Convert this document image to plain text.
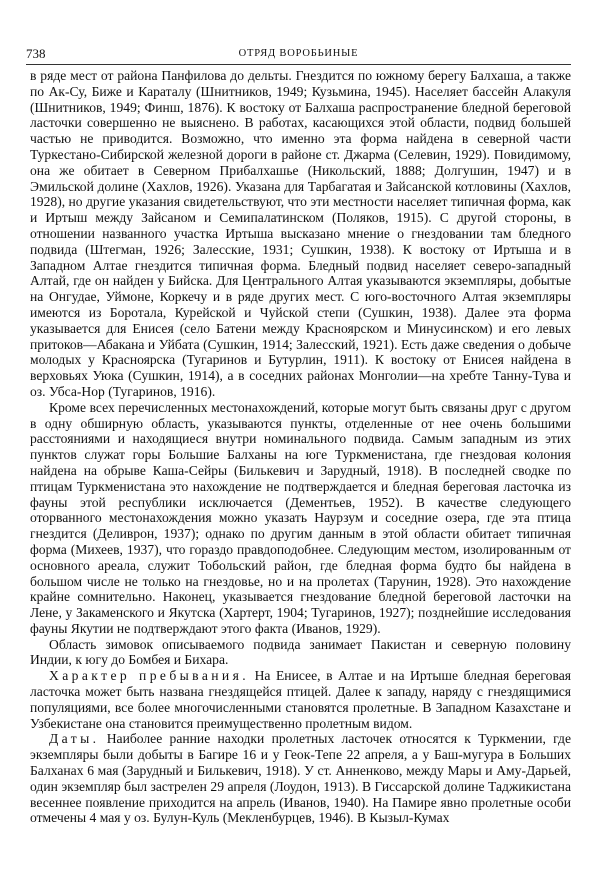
738	ОТРЯД ВОРОБЬИНЫЕ

в ряде мест от района Панфилова до дельты. Гнездится по южному берегу Балхаша, а также по Ак-Су, Биже и Караталу (Шнитников, 1949; Кузьмина, 1945). Населяет бассейн Алакуля (Шнитников, 1949; Финш, 1876). К востоку от Балхаша распространение бледной береговой ласточки совершенно не выяснено. В работах, касающихся этой области, подвид большей частью не приводится. Возможно, что именно эта форма найдена в северной части Туркестано-Сибирской железной дороги в районе ст. Джарма (Селевин, 1929). Повидимому, она же обитает в Северном Прибалхашье (Никольский, 1888; Долгушин, 1947) и в Эмильской долине (Хахлов, 1926). Указана для Тарбагатая и Зайсанской котловины (Хахлов, 1928), но другие указания свидетельствуют, что эти местности населяет типичная форма, как и Иртыш между Зайсаном и Семипалатинском (Поляков, 1915). С другой стороны, в отношении названного участка Иртыша высказано мнение о гнездовании там бледного подвида (Штегман, 1926; Залесские, 1931; Сушкин, 1938). К востоку от Иртыша и в Западном Алтае гнездится типичная форма. Бледный подвид населяет северо-западный Алтай, где он найден у Бийска. Для Центрального Алтая указываются экземпляры, добытые на Онгудае, Уймоне, Коркечу и в ряде других мест. С юго-восточного Алтая экземпляры имеются из Боротала, Курейской и Чуйской степи (Сушкин, 1938). Далее эта форма указывается для Енисея (село Батени между Красноярском и Минусинском) и его левых притоков—Абакана и Уйбата (Сушкин, 1914; Залесский, 1921). Есть даже сведения о добыче молодых у Красноярска (Тугаринов и Бутурлин, 1911). К востоку от Енисея найдена в верховьях Уюка (Сушкин, 1914), а в соседних районах Монголии—на хребте Танну-Тува и оз. Убса-Нор (Тугаринов, 1916).

Кроме всех перечисленных местонахождений, которые могут быть связаны друг с другом в одну обширную область, указываются пункты, отделенные от нее очень большими расстояниями и находящиеся внутри номинального подвида. Самым западным из этих пунктов служат горы Большие Балханы на юге Туркменистана, где гнездовая колония найдена на обрыве Каша-Сейры (Билькевич и Зарудный, 1918). В последней сводке по птицам Туркменистана это нахождение не подтверждается и бледная береговая ласточка из фауны этой республики исключается (Дементьев, 1952). В качестве следующего оторванного местонахождения можно указать Наурзум и соседние озера, где эта птица гнездится (Деливрон, 1937); однако по другим данным в этой области обитает типичная форма (Михеев, 1937), что гораздо правдоподобнее. Следующим местом, изолированным от основного ареала, служит Тобольский район, где бледная форма будто бы найдена в большом числе не только на гнездовье, но и на пролетах (Тарунин, 1928). Это нахождение крайне сомнительно. Наконец, указывается гнездование бледной береговой ласточки на Лене, у Закаменского и Якутска (Хартерт, 1904; Тугаринов, 1927); позднейшие исследования фауны Якутии не подтверждают этого факта (Иванов, 1929).

Область зимовок описываемого подвида занимает Пакистан и северную половину Индии, к югу до Бомбея и Бихара.

Характер пребывания. На Енисее, в Алтае и на Иртыше бледная береговая ласточка может быть названа гнездящейся птицей. Далее к западу, наряду с гнездящимися популяциями, все более многочисленными становятся пролетные. В Западном Казахстане и Узбекистане она становится преимущественно пролетным видом.

Даты. Наиболее ранние находки пролетных ласточек относятся к Туркмении, где экземпляры были добыты в Багире 16 и у Геок-Тепе 22 апреля, а у Баш-мугура в Больших Балханах 6 мая (Зарудный и Билькевич, 1918). У ст. Анненково, между Мары и Аму-Дарьей, один экземпляр был застрелен 29 апреля (Лоудон, 1913). В Гиссарской долине Таджикистана весеннее появление приходится на апрель (Иванов, 1940). На Памире явно пролетные особи отмечены 4 мая у оз. Булун-Куль (Мекленбурцев, 1946). В Кызыл-Кумах
